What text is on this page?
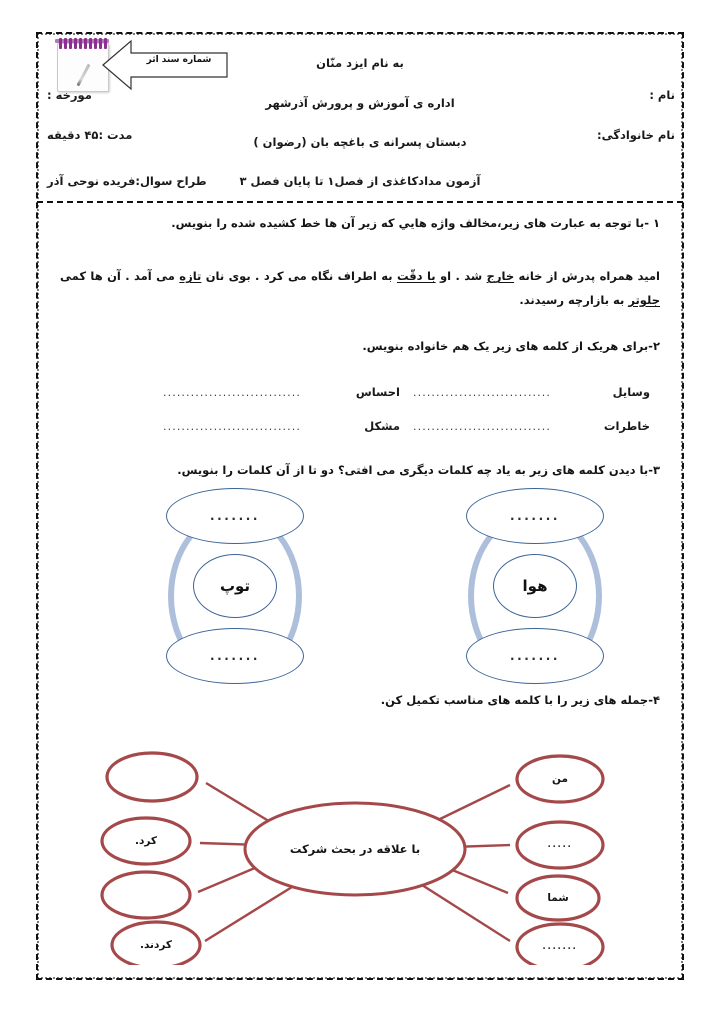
شماره سند اثر
نام :
نام خانوادگی:
به نام ایزد منّان
اداره ی آموزش و پرورش آذرشهر
دبستان پسرانه ی باغچه بان (رضوان )
آزمون مدادکاغذی از فصل۱ تا پایان فصل ۳
مورخه :
مدت :۴۵ دقیقه
طراح سوال:فریده نوحی آذر
۱ -با توجه به عبارت های زیر،مخالف واژه هایي که زیر آن ها خط کشیده شده را بنویس.
امید همراه پدرش از خانه خارج شد . او با دقّت به اطراف نگاه می کرد . بوی نان تازه می آمد . آن ها کمی جلوتر به بازارچه رسیدند.
۲-برای هریک از کلمه های زیر یک هم خانواده بنویس.
وسایل
..............................
احساس
..............................
خاطرات
..............................
مشکل
..............................
۳-با دیدن کلمه های زیر به یاد چه کلمات دیگری می افتی؟ دو تا از آن کلمات را بنویس.
.......
هوا
.......
.......
توپ
.......
۴-جمله های زیر را با کلمه های مناسب تکمیل کن.
با علاقه در بحث شرکت
من
.....
شما
.......
کرد.
کردند.
